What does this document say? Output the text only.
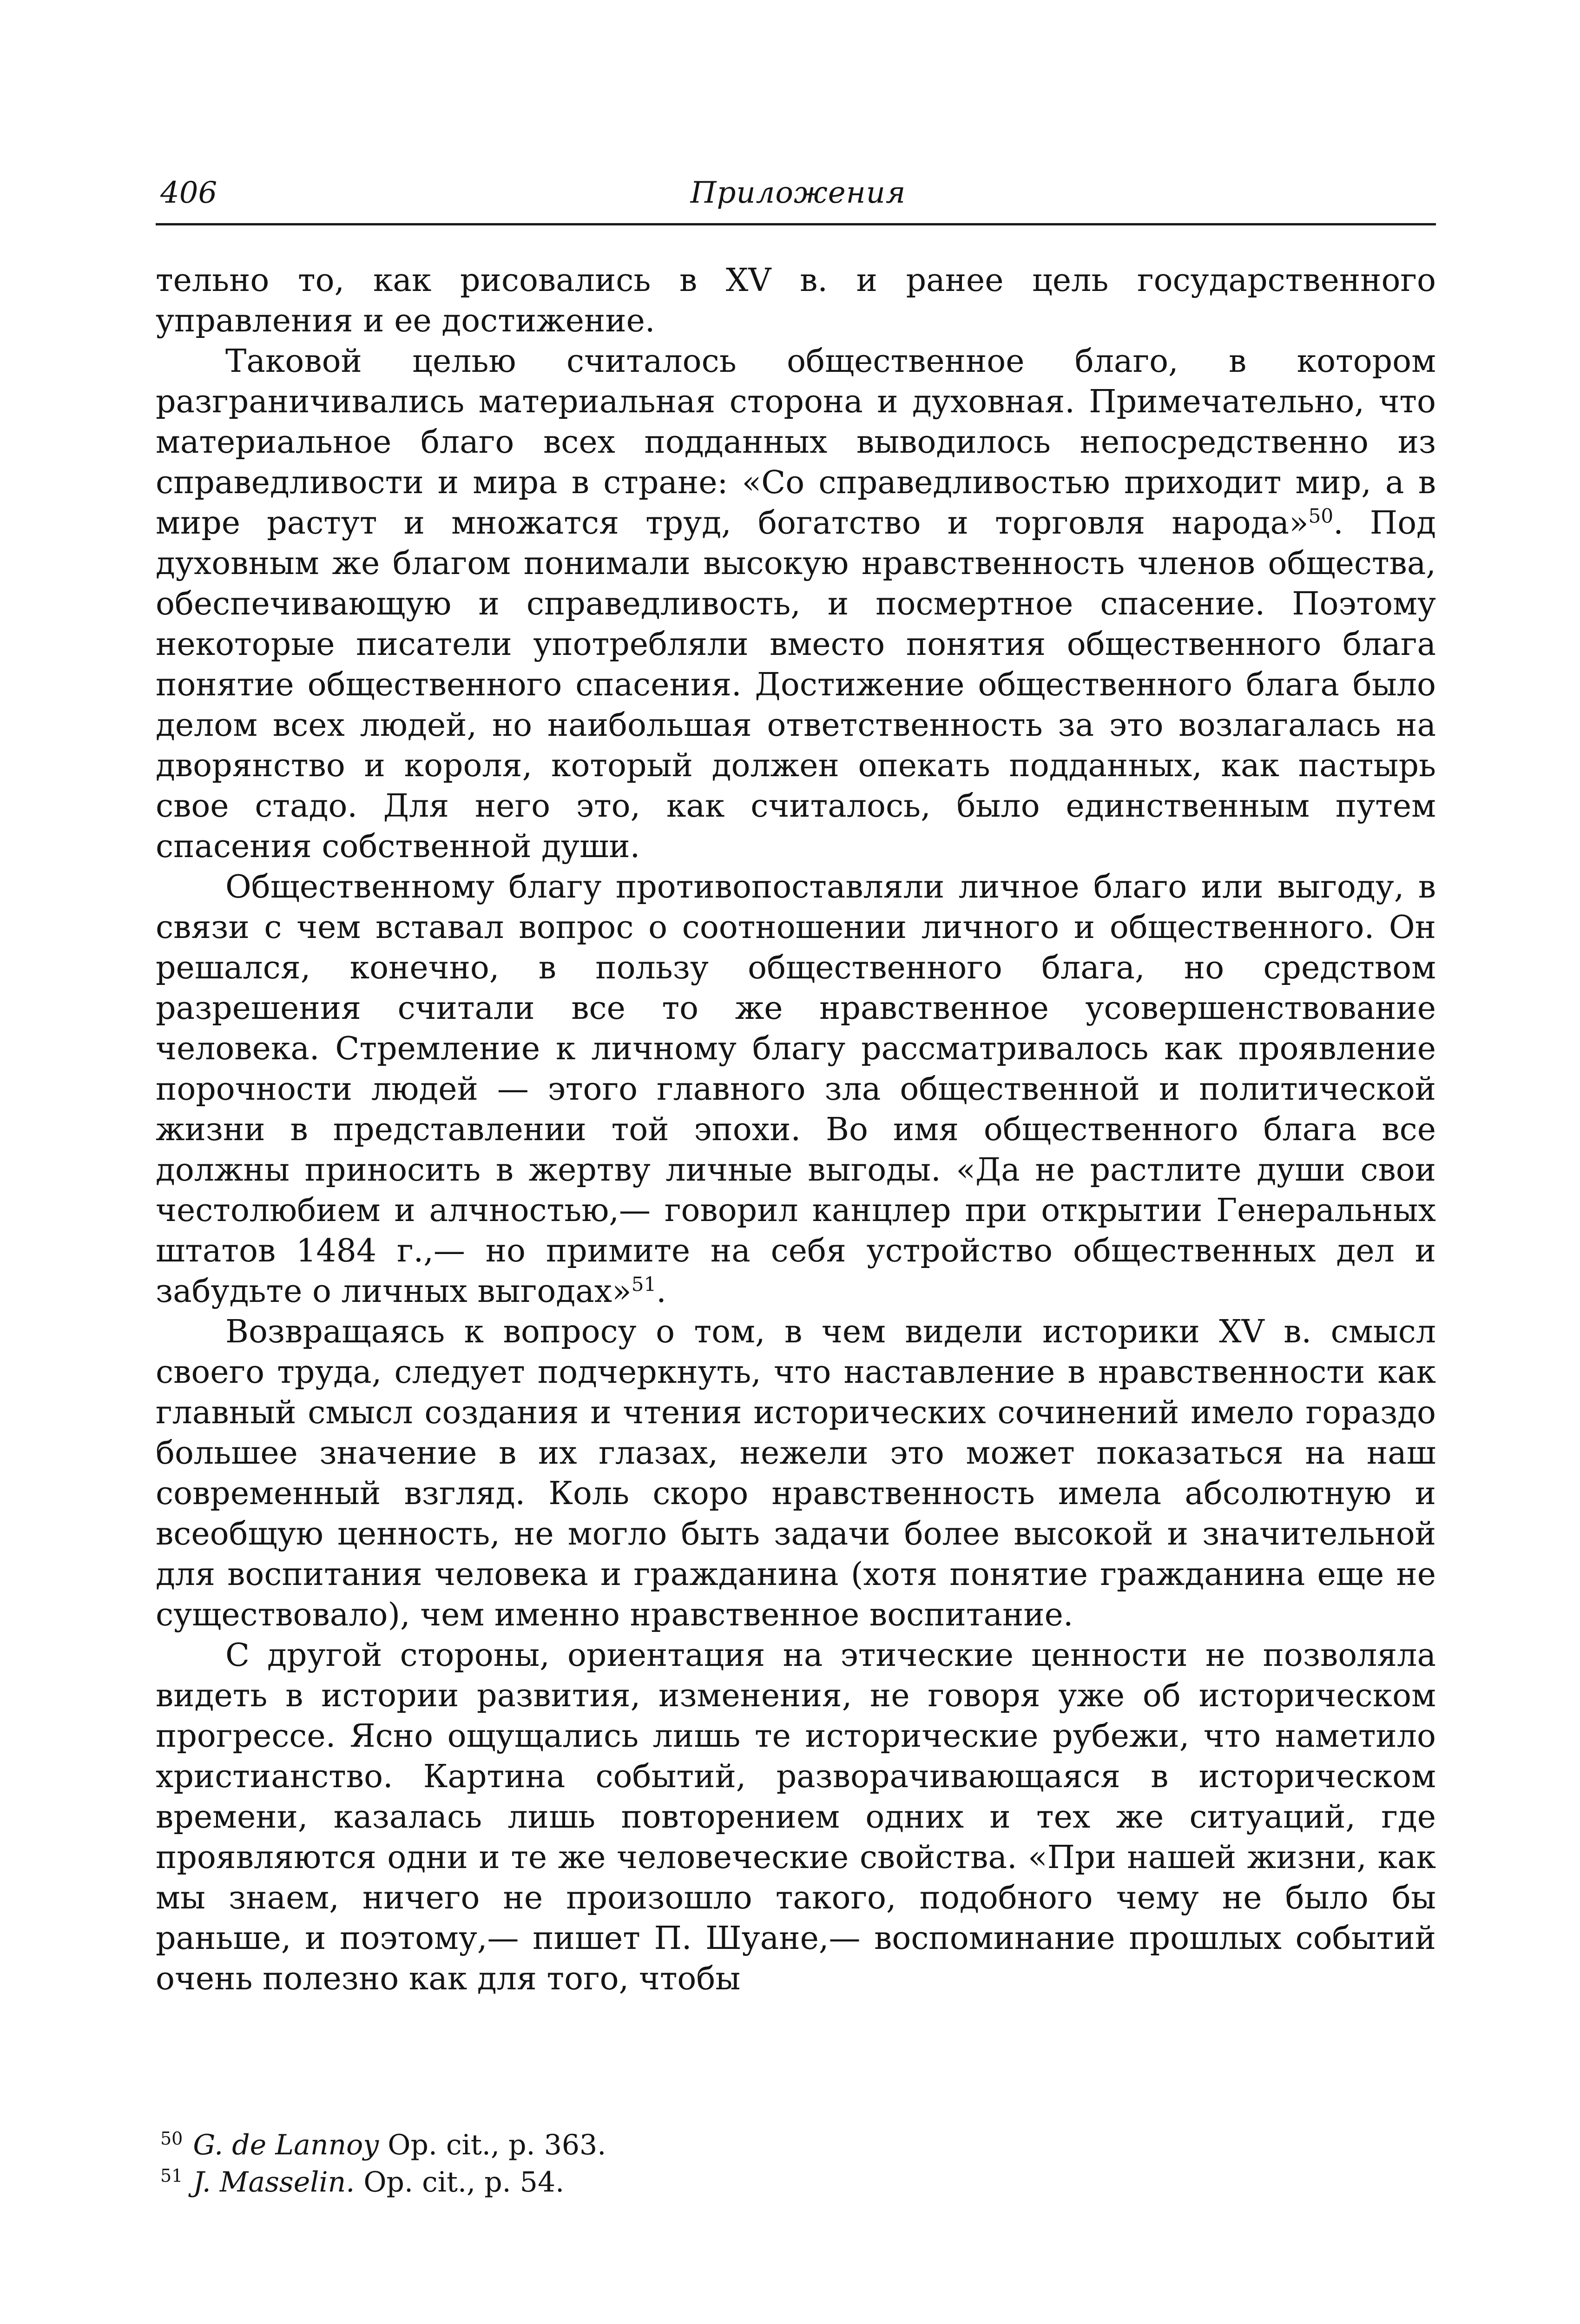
406	Приложения

тельно то, как рисовались в XV в. и ранее цель государственного управления и ее достижение.

Таковой целью считалось общественное благо, в котором разграничивались материальная сторона и духовная. Примечательно, что материальное благо всех подданных выводилось непосредственно из справедливости и мира в стране: «Со справедливостью приходит мир, а в мире растут и множатся труд, богатство и торговля народа»$^{50}$. Под духовным же благом понимали высокую нравственность членов общества, обеспечивающую и справедливость, и посмертное спасение. Поэтому некоторые писатели употребляли вместо понятия общественного блага понятие общественного спасения. Достижение общественного блага было делом всех людей, но наибольшая ответственность за это возлагалась на дворянство и короля, который должен опекать подданных, как пастырь свое стадо. Для него это, как считалось, было единственным путем спасения собственной души.

Общественному благу противопоставляли личное благо или выгоду, в связи с чем вставал вопрос о соотношении личного и общественного. Он решался, конечно, в пользу общественного блага, но средством разрешения считали все то же нравственное усовершенствование человека. Стремление к личному благу рассматривалось как проявление порочности людей — этого главного зла общественной и политической жизни в представлении той эпохи. Во имя общественного блага все должны приносить в жертву личные выгоды. «Да не растлите души свои честолюбием и алчностью,— говорил канцлер при открытии Генеральных штатов 1484 г.,— но примите на себя устройство общественных дел и забудьте о личных выгодах»$^{51}$.

Возвращаясь к вопросу о том, в чем видели историки XV в. смысл своего труда, следует подчеркнуть, что наставление в нравственности как главный смысл создания и чтения исторических сочинений имело гораздо большее значение в их глазах, нежели это может показаться на наш современный взгляд. Коль скоро нравственность имела абсолютную и всеобщую ценность, не могло быть задачи более высокой и значительной для воспитания человека и гражданина (хотя понятие гражданина еще не существовало), чем именно нравственное воспитание.

С другой стороны, ориентация на этические ценности не позволяла видеть в истории развития, изменения, не говоря уже об историческом прогрессе. Ясно ощущались лишь те исторические рубежи, что наметило христианство. Картина событий, разворачивающаяся в историческом времени, казалась лишь повторением одних и тех же ситуаций, где проявляются одни и те же человеческие свойства. «При нашей жизни, как мы знаем, ничего не произошло такого, подобного чему не было бы раньше, и поэтому,— пишет П. Шуане,— воспоминание прошлых событий очень полезно как для того, чтобы

$^{50}$ G. de Lannoy Op. cit., p. 363.

$^{51}$ J. Masselin. Op. cit., p. 54.
